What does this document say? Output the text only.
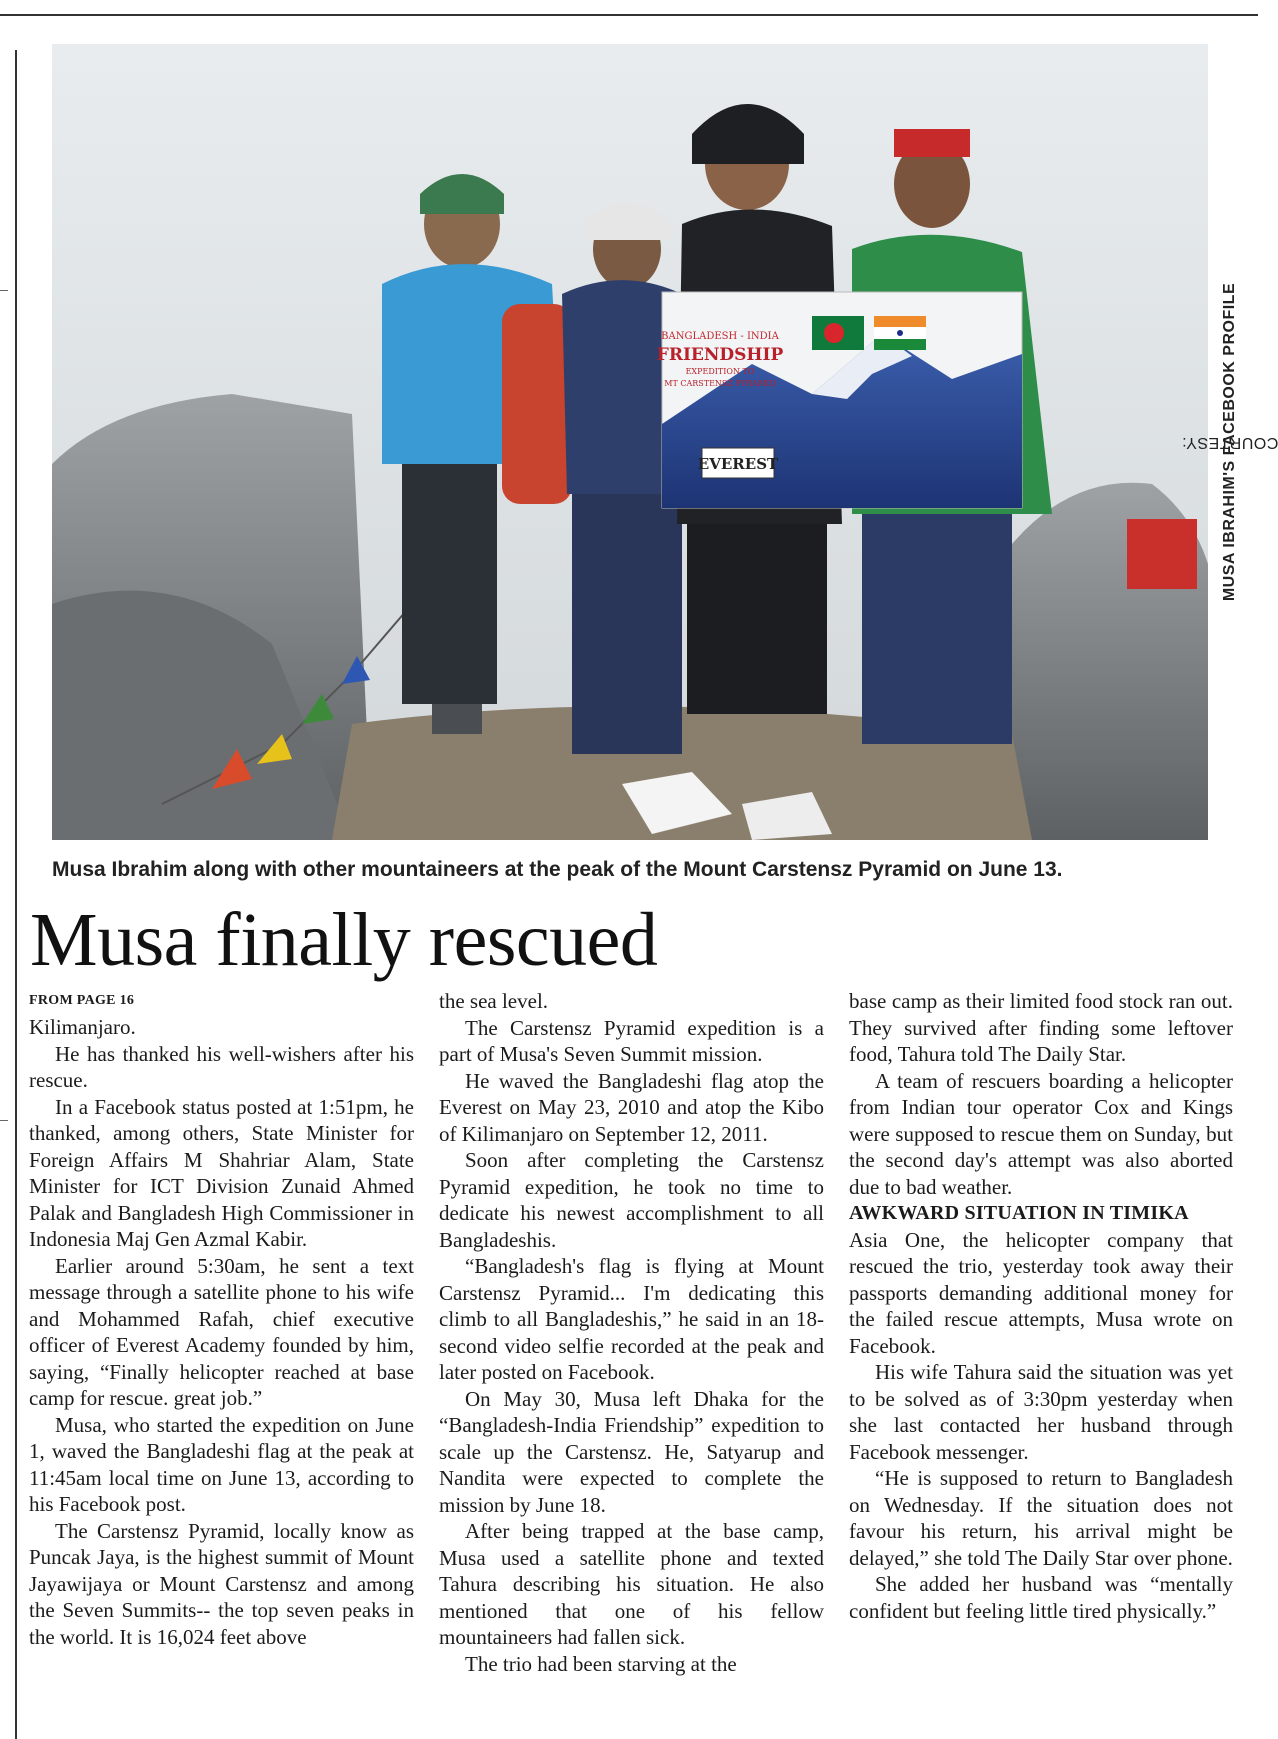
EVEREST
BANGLADESH - INDIA
FRIENDSHIP
EXPEDITION TO
MT CARSTENSZ PYRAMID
COURTESY:
MUSA IBRAHIM'S FACEBOOK PROFILE
Musa Ibrahim along with other mountaineers at the peak of the Mount Carstensz Pyramid on June 13.
Musa finally rescued

FROM PAGE 16

Kilimanjaro.

He has thanked his well-wishers after his rescue.

In a Facebook status posted at 1:51pm, he thanked, among others, State Minister for Foreign Affairs M Shahriar Alam, State Minister for ICT Division Zunaid Ahmed Palak and Bangladesh High Commissioner in Indonesia Maj Gen Azmal Kabir.

Earlier around 5:30am, he sent a text message through a satellite phone to his wife and Mohammed Rafah, chief executive officer of Everest Academy founded by him, saying, “Finally helicopter reached at base camp for rescue. great job.”

Musa, who started the expedition on June 1, waved the Bangladeshi flag at the peak at 11:45am local time on June 13, according to his Facebook post.

The Carstensz Pyramid, locally know as Puncak Jaya, is the highest summit of Mount Jayawijaya or Mount Carstensz and among the Seven Summits-- the top seven peaks in the world. It is 16,024 feet above

the sea level.

The Carstensz Pyramid expedition is a part of Musa's Seven Summit mission.

He waved the Bangladeshi flag atop the Everest on May 23, 2010 and atop the Kibo of Kilimanjaro on September 12, 2011.

Soon after completing the Carstensz Pyramid expedition, he took no time to dedicate his newest accomplishment to all Bangladeshis.

“Bangladesh's flag is flying at Mount Carstensz Pyramid... I'm dedicating this climb to all Bangladeshis,” he said in an 18-second video selfie recorded at the peak and later posted on Facebook.

On May 30, Musa left Dhaka for the “Bangladesh-India Friendship” expedition to scale up the Carstensz. He, Satyarup and Nandita were expected to complete the mission by June 18.

After being trapped at the base camp, Musa used a satellite phone and texted Tahura describing his situation. He also mentioned that one of his fellow mountaineers had fallen sick.

The trio had been starving at the

base camp as their limited food stock ran out. They survived after finding some leftover food, Tahura told The Daily Star.

A team of rescuers boarding a helicopter from Indian tour operator Cox and Kings were supposed to rescue them on Sunday, but the second day's attempt was also aborted due to bad weather.

AWKWARD SITUATION IN TIMIKA

Asia One, the helicopter company that rescued the trio, yesterday took away their passports demanding additional money for the failed rescue attempts, Musa wrote on Facebook.

His wife Tahura said the situation was yet to be solved as of 3:30pm yesterday when she last contacted her husband through Facebook messenger.

“He is supposed to return to Bangladesh on Wednesday. If the situation does not favour his return, his arrival might be delayed,” she told The Daily Star over phone.

She added her husband was “mentally confident but feeling little tired physically.”
